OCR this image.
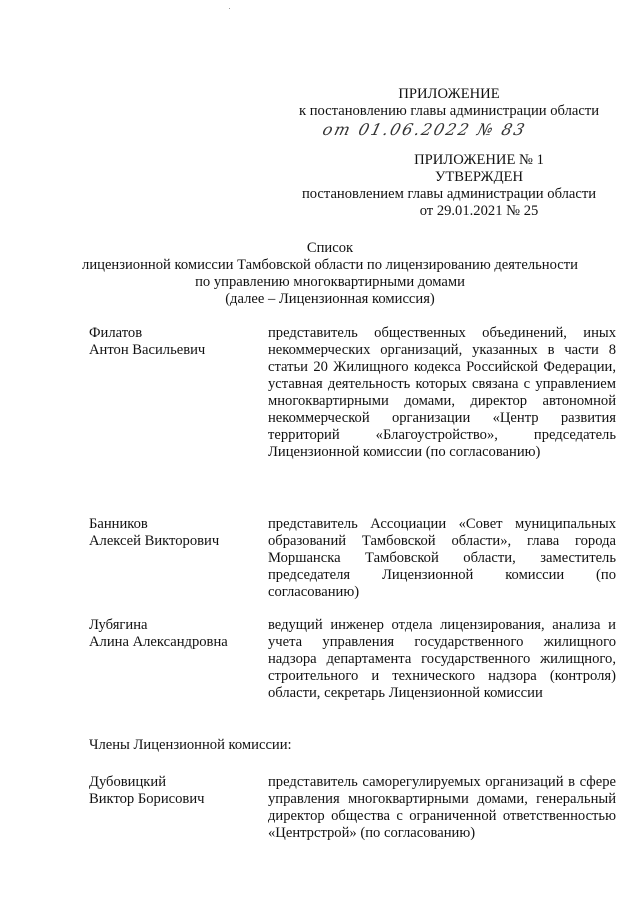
ПРИЛОЖЕНИЕ
к постановлению главы администрации области
от 01.06.2022 № 83
ПРИЛОЖЕНИЕ № 1
УТВЕРЖДЕН
постановлением главы администрации области
от 29.01.2021 № 25
Список
лицензионной комиссии Тамбовской области по лицензированию деятельности
по управлению многоквартирными домами
(далее – Лицензионная комиссия)
Филатов
Антон Васильевич
представитель общественных объединений, иных некоммерческих организаций, указанных в части 8 статьи 20 Жилищного кодекса Российской Федерации, уставная деятельность которых связана с управлением многоквартирными домами, директор автономной некоммерческой организации «Центр развития территорий «Благоустройство», председатель Лицензионной комиссии (по согласованию)
Банников
Алексей Викторович
представитель Ассоциации «Совет муниципальных образований Тамбовской области», глава города Моршанска Тамбовской области, заместитель председателя Лицензионной комиссии (по согласованию)
Лубягина
Алина Александровна
ведущий инженер отдела лицензирования, анализа и учета управления государственного жилищного надзора департамента государственного жилищного, строительного и технического надзора (контроля) области, секретарь Лицензионной комиссии
Члены Лицензионной комиссии:
Дубовицкий
Виктор Борисович
представитель саморегулируемых организаций в сфере управления многоквартирными домами, генеральный директор общества с ограниченной ответственностью «Центрстрой» (по согласованию)
